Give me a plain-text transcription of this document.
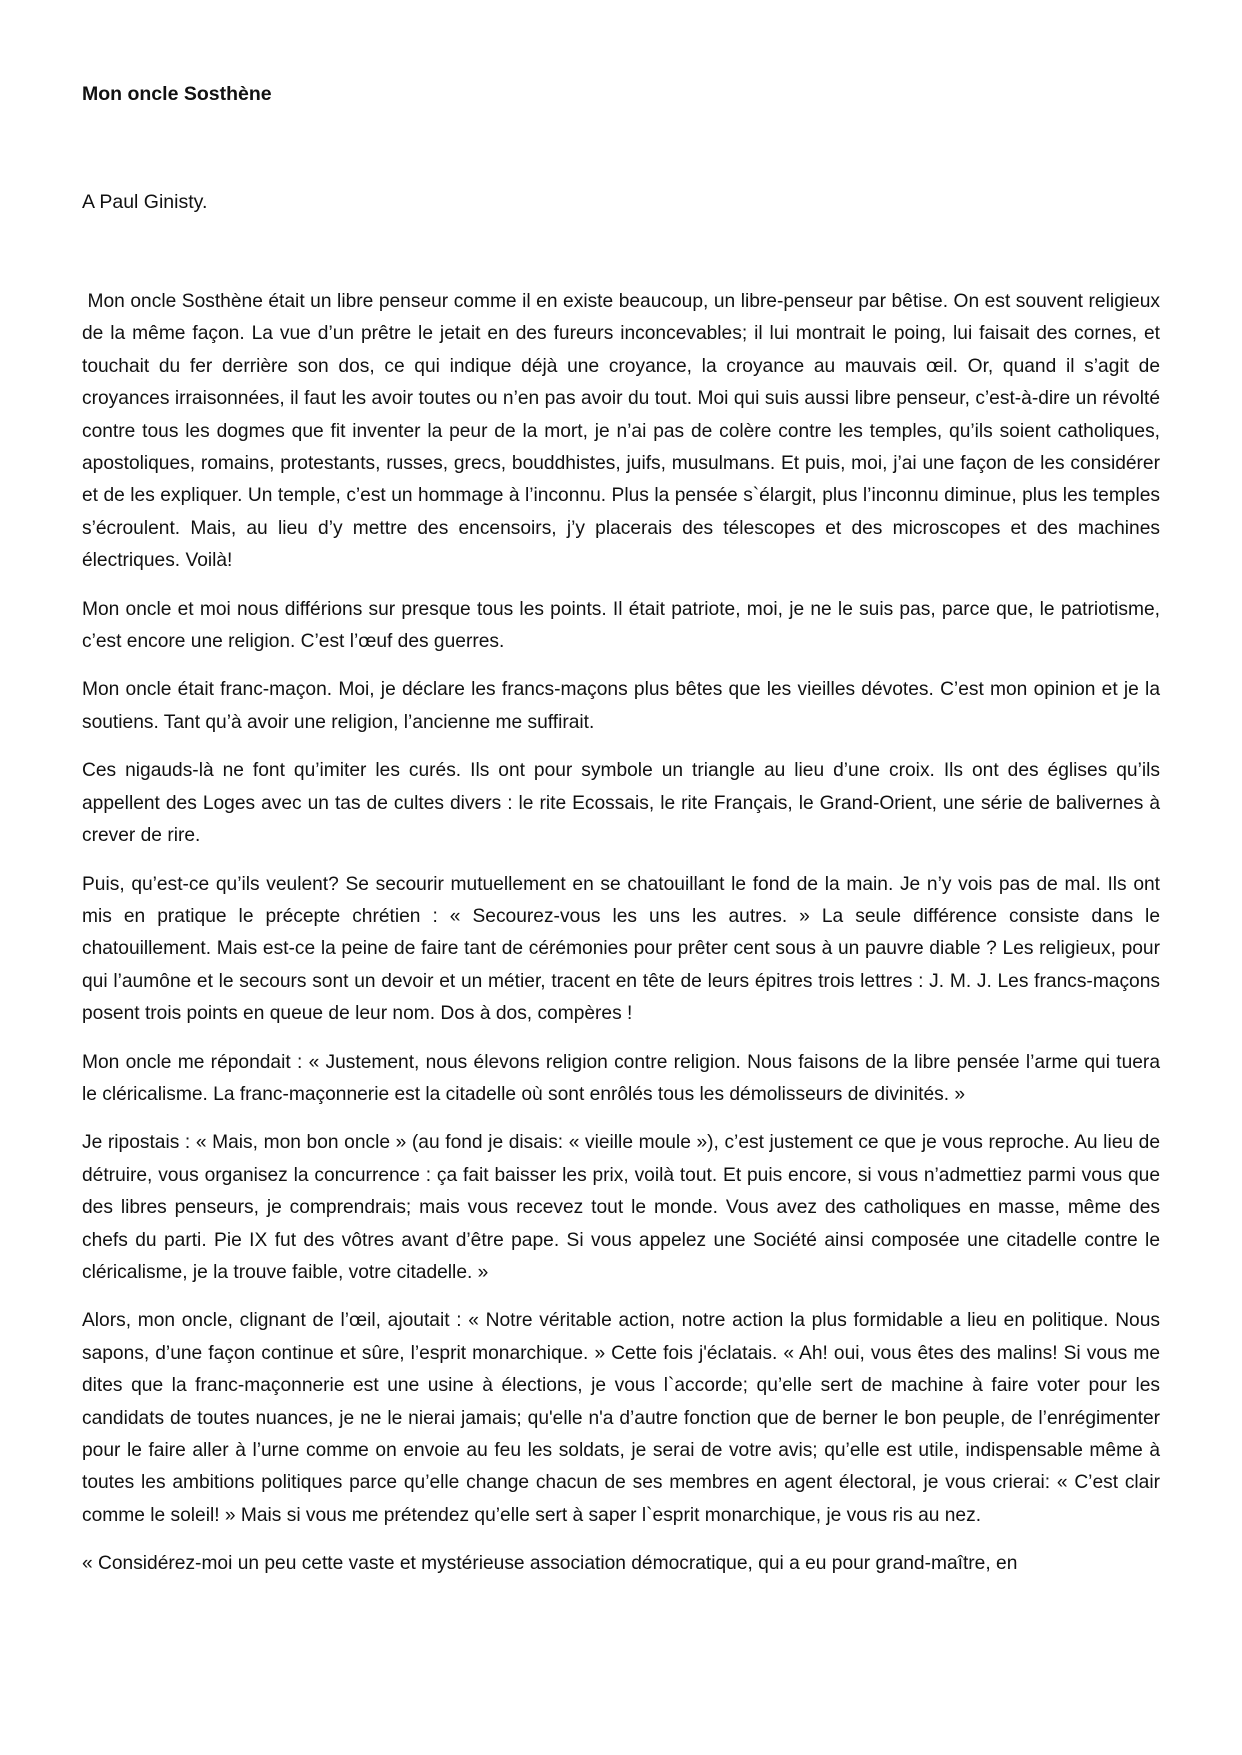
Mon oncle Sosthène

A Paul Ginisty.

Mon oncle Sosthène était un libre penseur comme il en existe beaucoup, un libre-penseur par bêtise. On est souvent religieux de la même façon. La vue d’un prêtre le jetait en des fureurs inconcevables; il lui montrait le poing, lui faisait des cornes, et touchait du fer derrière son dos, ce qui indique déjà une croyance, la croyance au mauvais œil. Or, quand il s’agit de croyances irraisonnées, il faut les avoir toutes ou n’en pas avoir du tout. Moi qui suis aussi libre penseur, c’est-à-dire un révolté contre tous les dogmes que fit inventer la peur de la mort, je n’ai pas de colère contre les temples, qu’ils soient catholiques, apostoliques, romains, protestants, russes, grecs, bouddhistes, juifs, musulmans. Et puis, moi, j’ai une façon de les considérer et de les expliquer. Un temple, c’est un hommage à l’inconnu. Plus la pensée s`élargit, plus l’inconnu diminue, plus les temples s’écroulent. Mais, au lieu d’y mettre des encensoirs, j’y placerais des télescopes et des microscopes et des machines électriques. Voilà!

Mon oncle et moi nous différions sur presque tous les points. Il était patriote, moi, je ne le suis pas, parce que, le patriotisme, c’est encore une religion. C’est l’œuf des guerres.

Mon oncle était franc-maçon. Moi, je déclare les francs-maçons plus bêtes que les vieilles dévotes. C’est mon opinion et je la soutiens. Tant qu’à avoir une religion, l’ancienne me suffirait.

Ces nigauds-là ne font qu’imiter les curés. Ils ont pour symbole un triangle au lieu d’une croix. Ils ont des églises qu’ils appellent des Loges avec un tas de cultes divers : le rite Ecossais, le rite Français, le Grand-Orient, une série de balivernes à crever de rire.

Puis, qu’est-ce qu’ils veulent? Se secourir mutuellement en se chatouillant le fond de la main. Je n’y vois pas de mal. Ils ont mis en pratique le précepte chrétien : « Secourez-vous les uns les autres. » La seule différence consiste dans le chatouillement. Mais est-ce la peine de faire tant de cérémonies pour prêter cent sous à un pauvre diable ? Les religieux, pour qui l’aumône et le secours sont un devoir et un métier, tracent en tête de leurs épitres trois lettres : J. M. J. Les francs-maçons posent trois points en queue de leur nom. Dos à dos, compères !

Mon oncle me répondait : « Justement, nous élevons religion contre religion. Nous faisons de la libre pensée l’arme qui tuera le cléricalisme. La franc-maçonnerie est la citadelle où sont enrôlés tous les démolisseurs de divinités. »

Je ripostais : « Mais, mon bon oncle » (au fond je disais: « vieille moule »), c’est justement ce que je vous reproche. Au lieu de détruire, vous organisez la concurrence : ça fait baisser les prix, voilà tout. Et puis encore, si vous n’admettiez parmi vous que des libres penseurs, je comprendrais; mais vous recevez tout le monde. Vous avez des catholiques en masse, même des chefs du parti. Pie IX fut des vôtres avant d’être pape. Si vous appelez une Société ainsi composée une citadelle contre le cléricalisme, je la trouve faible, votre citadelle. »

Alors, mon oncle, clignant de l’œil, ajoutait : « Notre véritable action, notre action la plus formidable a lieu en politique. Nous sapons, d’une façon continue et sûre, l’esprit monarchique. » Cette fois j'éclatais. « Ah! oui, vous êtes des malins! Si vous me dites que la franc-maçonnerie est une usine à élections, je vous l`accorde; qu’elle sert de machine à faire voter pour les candidats de toutes nuances, je ne le nierai jamais; qu'elle n'a d’autre fonction que de berner le bon peuple, de l’enrégimenter pour le faire aller à l’urne comme on envoie au feu les soldats, je serai de votre avis; qu’elle est utile, indispensable même à toutes les ambitions politiques parce qu’elle change chacun de ses membres en agent électoral, je vous crierai: « C’est clair comme le soleil! » Mais si vous me prétendez qu’elle sert à saper l`esprit monarchique, je vous ris au nez.

« Considérez-moi un peu cette vaste et mystérieuse association démocratique, qui a eu pour grand-maître, en
